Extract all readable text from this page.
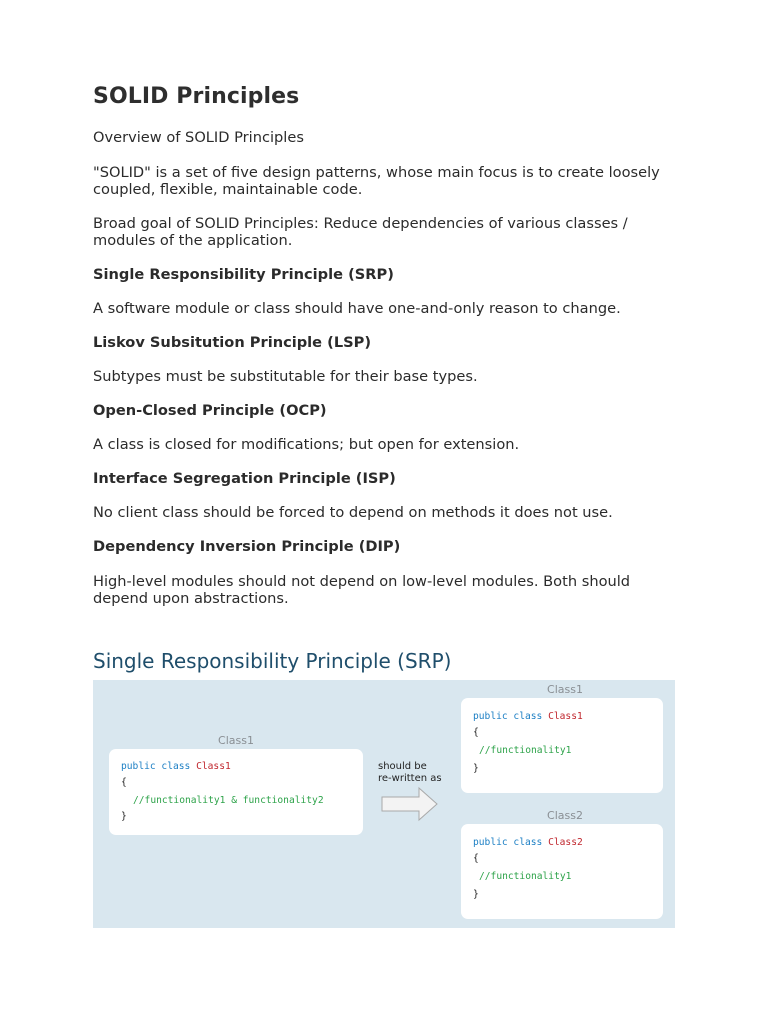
SOLID Principles

Overview of SOLID Principles

"SOLID" is a set of five design patterns, whose main focus is to create loosely coupled, flexible, maintainable code.

Broad goal of SOLID Principles: Reduce dependencies of various classes / modules of the application.

Single Responsibility Principle (SRP)

A software module or class should have one-and-only reason to change.

Liskov Subsitution Principle (LSP)

Subtypes must be substitutable for their base types.

Open-Closed Principle (OCP)

A class is closed for modifications; but open for extension.

Interface Segregation Principle (ISP)

No client class should be forced to depend on methods it does not use.

Dependency Inversion Principle (DIP)

High-level modules should not depend on low-level modules. Both should depend upon abstractions.

Single Responsibility Principle (SRP)
Class1
public class Class1
{
//functionality1 & functionality2
}
should be
re-written as
Class1
public class Class1
{
//functionality1
}
Class2
public class Class2
{
//functionality1
}
